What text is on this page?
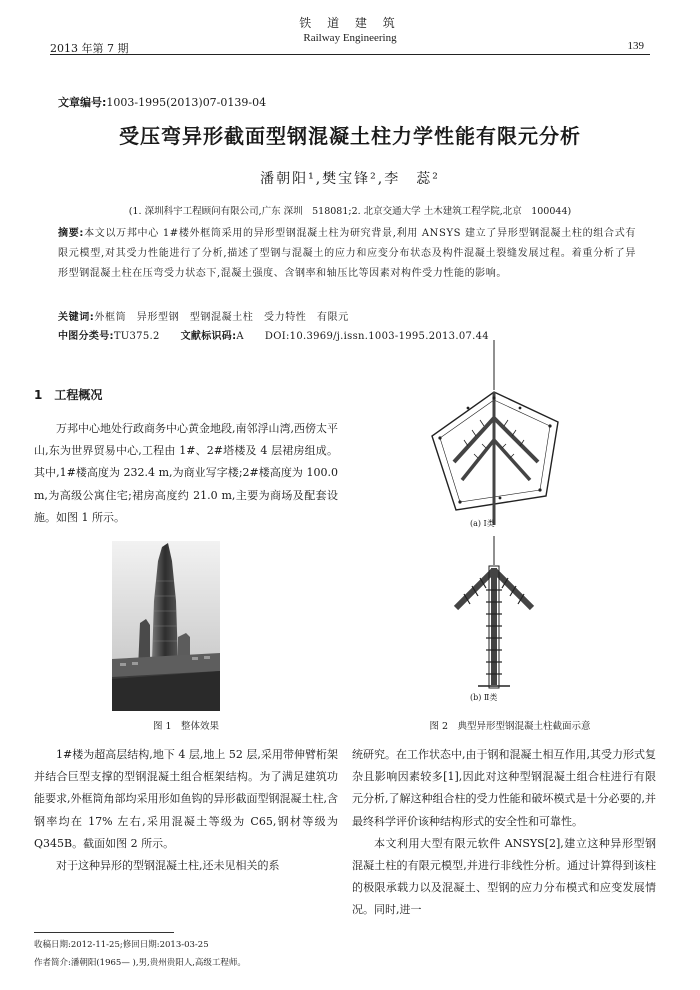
铁 道 建 筑
Railway Engineering
2013 年第 7 期	139
文章编号:1003-1995(2013)07-0139-04
受压弯异形截面型钢混凝土柱力学性能有限元分析
潘朝阳¹,樊宝锋²,李　蕊²
(1. 深圳科宇工程顾问有限公司,广东 深圳　518081;2. 北京交通大学 土木建筑工程学院,北京　100044)
摘要:本文以万邦中心 1#楼外框筒采用的异形型钢混凝土柱为研究背景,利用 ANSYS 建立了异形型钢混凝土柱的组合式有限元模型,对其受力性能进行了分析,描述了型钢与混凝土的应力和应变分布状态及构件混凝土裂缝发展过程。着重分析了异形型钢混凝土柱在压弯受力状态下,混凝土强度、含钢率和轴压比等因素对构件受力性能的影响。
关键词:外框筒　异形型钢　型钢混凝土柱　受力特性　有限元
中图分类号:TU375.2 文献标识码:A DOI:10.3969/j.issn.1003-1995.2013.07.44
1　工程概况
　　万邦中心地处行政商务中心黄金地段,南邻浮山湾,西傍太平山,东为世界贸易中心,工程由 1#、2#塔楼及 4 层裙房组成。其中,1#楼高度为 232.4 m,为商业写字楼;2#楼高度为 100.0 m,为高级公寓住宅;裙房高度约 21.0 m,主要为商场及配套设施。如图 1 所示。
图 1　整体效果
(a) Ⅰ类
(b) Ⅱ类
图 2　典型异形型钢混凝土柱截面示意

1#楼为超高层结构,地下 4 层,地上 52 层,采用带伸臂桁架并结合巨型支撑的型钢混凝土组合框架结构。为了满足建筑功能要求,外框筒角部均采用形如鱼钩的异形截面型钢混凝土柱,含钢率均在 17% 左右,采用混凝土等级为 C65,钢材等级为 Q345B。截面如图 2 所示。

对于这种异形的型钢混凝土柱,还未见相关的系

统研究。在工作状态中,由于钢和混凝土相互作用,其受力形式复杂且影响因素较多[1],因此对这种型钢混凝土组合柱进行有限元分析,了解这种组合柱的受力性能和破坏模式是十分必要的,并最终科学评价该种结构形式的安全性和可靠性。

本文利用大型有限元软件 ANSYS[2],建立这种异形型钢混凝土柱的有限元模型,并进行非线性分析。通过计算得到该柱的极限承载力以及混凝土、型钢的应力分布模式和应变发展情况。同时,进一

收稿日期:2012-11-25;修回日期:2013-03-25
作者简介:潘朝阳(1965— ),男,贵州贵阳人,高级工程师。
